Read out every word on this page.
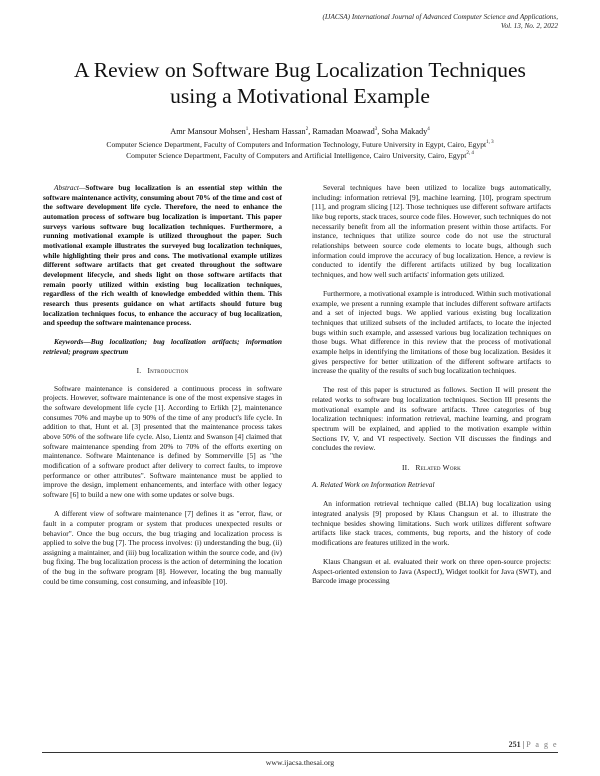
(IJACSA) International Journal of Advanced Computer Science and Applications,
Vol. 13, No. 2, 2022
A Review on Software Bug Localization Techniques
using a Motivational Example
Amr Mansour Mohsen$^1$, Hesham Hassan$^2$, Ramadan Moawad$^3$, Soha Makady$^4$
Computer Science Department, Faculty of Computers and Information Technology, Future University in Egypt, Cairo, Egypt$^{1, 3}$
Computer Science Department, Faculty of Computers and Artificial Intelligence, Cairo University, Cairo, Egypt$^{2, 4}$
Abstract—Software bug localization is an essential step within the software maintenance activity, consuming about 70% of the time and cost of the software development life cycle. Therefore, the need to enhance the automation process of software bug localization is important. This paper surveys various software bug localization techniques. Furthermore, a running motivational example is utilized throughout the paper. Such motivational example illustrates the surveyed bug localization techniques, while highlighting their pros and cons. The motivational example utilizes different software artifacts that get created throughout the software development lifecycle, and sheds light on those software artifacts that remain poorly utilized within existing bug localization techniques, regardless of the rich wealth of knowledge embedded within them. This research thus presents guidance on what artifacts should future bug localization techniques focus, to enhance the accuracy of bug localization, and speedup the software maintenance process.
Keywords—Bug localization; bug localization artifacts; information retrieval; program spectrum
I. Introduction

Software maintenance is considered a continuous process in software projects. However, software maintenance is one of the most expensive stages in the software development life cycle [1]. According to Erlikh [2], maintenance consumes 70% and maybe up to 90% of the time of any product's life cycle. In addition to that, Hunt et al. [3] presented that the maintenance process takes above 50% of the software life cycle. Also, Lientz and Swanson [4] claimed that software maintenance spending from 20% to 70% of the efforts exerting on maintenance. Software Maintenance is defined by Sommerville [5] as "the modification of a software product after delivery to correct faults, to improve performance or other attributes". Software maintenance must be applied to improve the design, implement enhancements, and interface with other legacy software [6] to build a new one with some updates or solve bugs.

A different view of software maintenance [7] defines it as "error, flaw, or fault in a computer program or system that produces unexpected results or behavior". Once the bug occurs, the bug triaging and localization process is applied to solve the bug [7]. The process involves: (i) understanding the bug, (ii) assigning a maintainer, and (iii) bug localization within the source code, and (iv) bug fixing. The bug localization process is the action of determining the location of the bug in the software program [8]. However, locating the bug manually could be time consuming, cost consuming, and infeasible [10].

Several techniques have been utilized to localize bugs automatically, including: information retrieval [9], machine learning. [10], program spectrum [11], and program slicing [12]. Those techniques use different software artifacts like bug reports, stack traces, source code files. However, such techniques do not necessarily benefit from all the information present within those artifacts. For instance, techniques that utilize source code do not use the structural relationships between source code elements to locate bugs, although such information could improve the accuracy of bug localization. Hence, a review is conducted to identify the different artifacts utilized by bug localization techniques, and how well such artifacts' information gets utilized.

Furthermore, a motivational example is introduced. Within such motivational example, we present a running example that includes different software artifacts and a set of injected bugs. We applied various existing bug localization techniques that utilized subsets of the included artifacts, to locate the injected bugs within such example, and assessed various bug localization techniques on those bugs. What difference in this review that the process of motivational example helps in identifying the limitations of those bug localization. Besides it gives perspective for better utilization of the different software artifacts to increase the quality of the results of such bug localization techniques.

The rest of this paper is structured as follows. Section II will present the related works to software bug localization techniques. Section III presents the motivational example and its software artifacts. Three categories of bug localization techniques: information retrieval, machine learning, and program spectrum will be explained, and applied to the motivation example within Sections IV, V, and VI respectively. Section VII discusses the findings and concludes the review.

II. Related Work

A. Related Work on Information Retrieval

An information retrieval technique called (BLIA) bug localization using integrated analysis [9] proposed by Klaus Changsun et al. to illustrate the technique besides showing limitations. Such work utilizes different software artifacts like stack traces, comments, bug reports, and the history of code modifications are features utilized in the work.

Klaus Changsun et al. evaluated their work on three open-source projects: Aspect-oriented extension to Java (AspectJ), Widget toolkit for Java (SWT), and Barcode image processing

251 | P a g e
www.ijacsa.thesai.org
